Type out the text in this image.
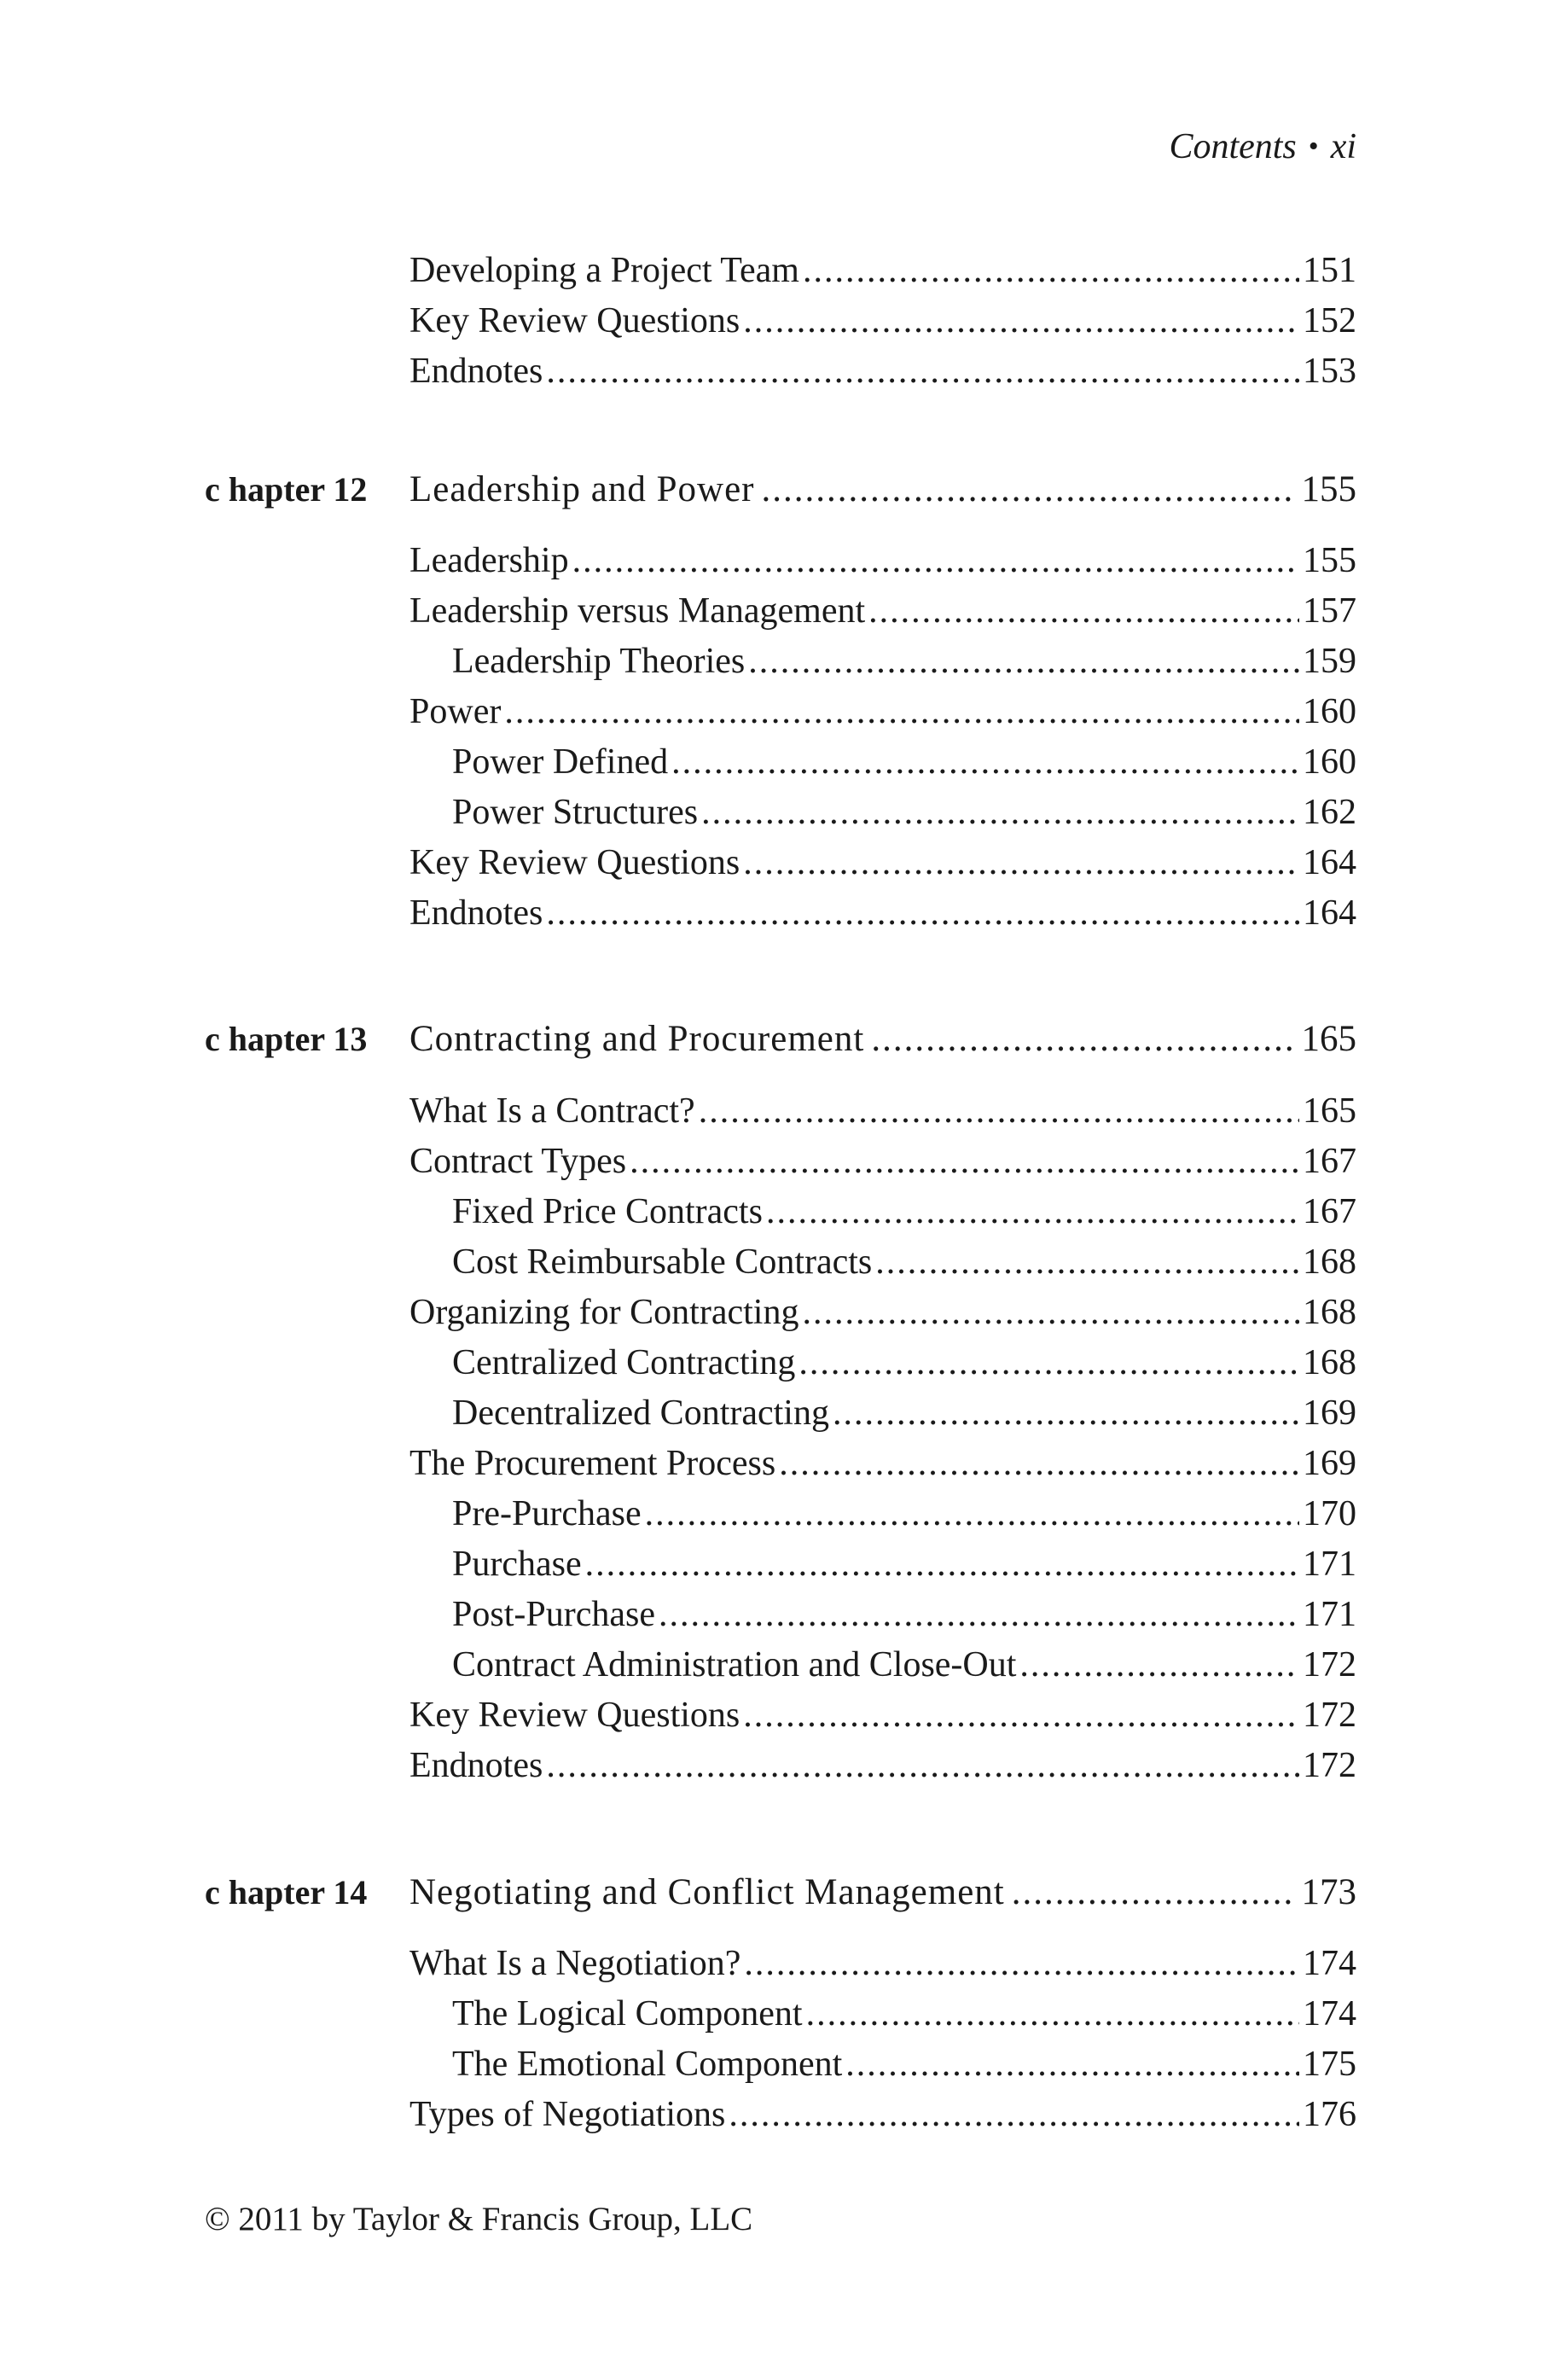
Contents • xi
Developing a Project Team .....	151
Key Review Questions .....	152
Endnotes .....	153
c hapter 12	Leadership and Power .....	155
Leadership .....	155
Leadership versus Management .....	157
Leadership Theories .....	159
Power .....	160
Power Defined .....	160
Power Structures .....	162
Key Review Questions .....	164
Endnotes .....	164
c hapter 13	Contracting and Procurement .....	165
What Is a Contract? .....	165
Contract Types .....	167
Fixed Price Contracts .....	167
Cost Reimbursable Contracts .....	168
Organizing for Contracting .....	168
Centralized Contracting .....	168
Decentralized Contracting .....	169
The Procurement Process .....	169
Pre-Purchase .....	170
Purchase .....	171
Post-Purchase .....	171
Contract Administration and Close-Out .....	172
Key Review Questions .....	172
Endnotes .....	172
c hapter 14	Negotiating and Conflict Management .....	173
What Is a Negotiation? .....	174
The Logical Component .....	174
The Emotional Component .....	175
Types of Negotiations .....	176
© 2011 by Taylor & Francis Group, LLC
